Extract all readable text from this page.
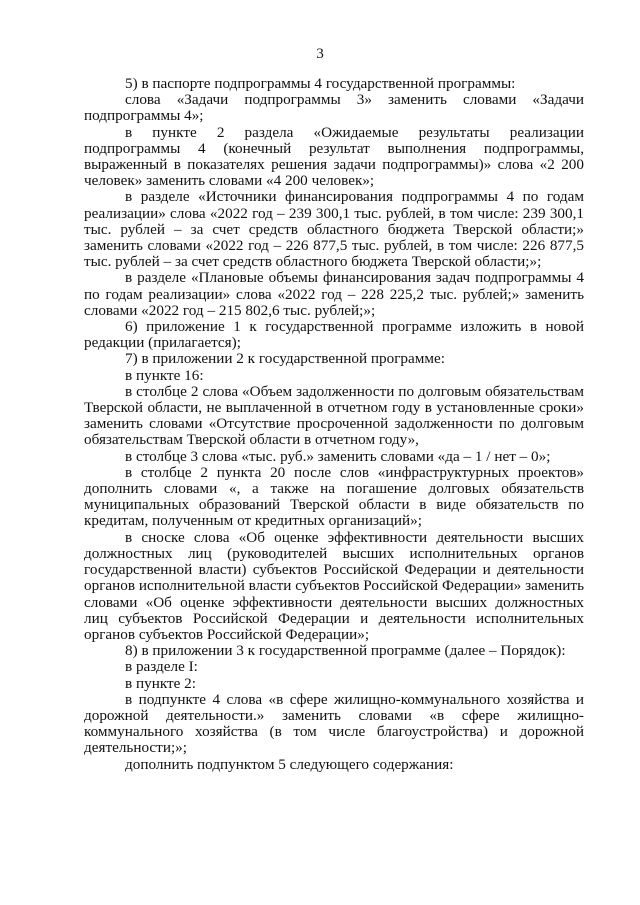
3

5) в паспорте подпрограммы 4 государственной программы:

слова «Задачи подпрограммы 3» заменить словами «Задачи подпрограммы 4»;

в пункте 2 раздела «Ожидаемые результаты реализации подпрограммы 4 (конечный результат выполнения подпрограммы, выраженный в показателях решения задачи подпрограммы)» слова «2 200 человек» заменить словами «4 200 человек»;

в разделе «Источники финансирования подпрограммы 4 по годам реализации» слова «2022 год – 239 300,1 тыс. рублей, в том числе: 239 300,1 тыс. рублей – за счет средств областного бюджета Тверской области;» заменить словами «2022 год – 226 877,5 тыс. рублей, в том числе: 226 877,5 тыс. рублей – за счет средств областного бюджета Тверской области;»;

в разделе «Плановые объемы финансирования задач подпрограммы 4 по годам реализации» слова «2022 год – 228 225,2 тыс. рублей;» заменить словами «2022 год – 215 802,6 тыс. рублей;»;

6) приложение 1 к государственной программе изложить в новой редакции (прилагается);

7) в приложении 2 к государственной программе:

в пункте 16:

в столбце 2 слова «Объем задолженности по долговым обязательствам Тверской области, не выплаченной в отчетном году в установленные сроки» заменить словами «Отсутствие просроченной задолженности по долговым обязательствам Тверской области в отчетном году»,

в столбце 3 слова «тыс. руб.» заменить словами «да – 1 / нет – 0»;

в столбце 2 пункта 20 после слов «инфраструктурных проектов» дополнить словами «, а также на погашение долговых обязательств муниципальных образований Тверской области в виде обязательств по кредитам, полученным от кредитных организаций»;

в сноске слова «Об оценке эффективности деятельности высших должностных лиц (руководителей высших исполнительных органов государственной власти) субъектов Российской Федерации и деятельности органов исполнительной власти субъектов Российской Федерации» заменить словами «Об оценке эффективности деятельности высших должностных лиц субъектов Российской Федерации и деятельности исполнительных органов субъектов Российской Федерации»;

8) в приложении 3 к государственной программе (далее – Порядок):

в разделе I:

в пункте 2:

в подпункте 4 слова «в сфере жилищно-коммунального хозяйства и дорожной деятельности.» заменить словами «в сфере жилищно-коммунального хозяйства (в том числе благоустройства) и дорожной деятельности;»;

дополнить подпунктом 5 следующего содержания:
